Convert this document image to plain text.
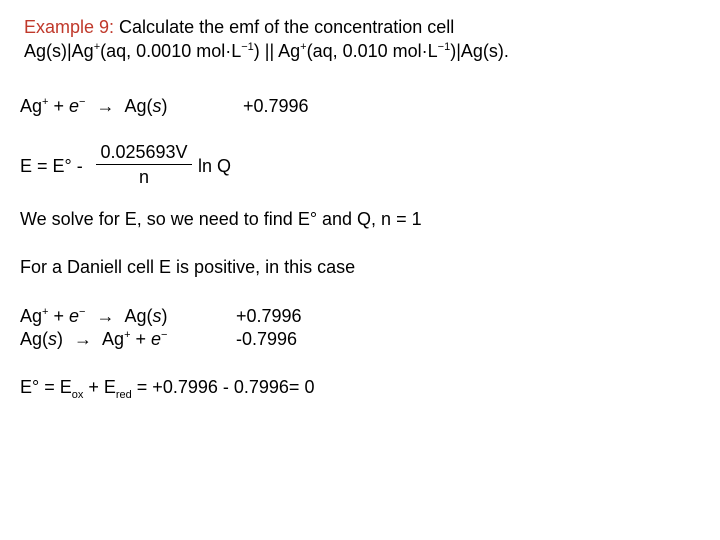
Example 9: Calculate the emf of the concentration cell
Ag(s)|Ag+(aq, 0.0010 $mol\cdot L^{-1}$) || Ag+(aq, 0.010 $mol\cdot L^{-1})|Ag(s)$.
Ag+ + e− → Ag(s)	+0.7996
E = E° -
0.025693V
n
ln Q
We solve for E, so we need to find E° and Q, n = 1
For a Daniell cell E is positive, in this case
Ag+ + e− → Ag(s)	+0.7996
Ag(s) → Ag+ + e−	-0.7996
$E^\circ = E_{ox} + E_{red} = +0.7996 - 0.7996= 0$
